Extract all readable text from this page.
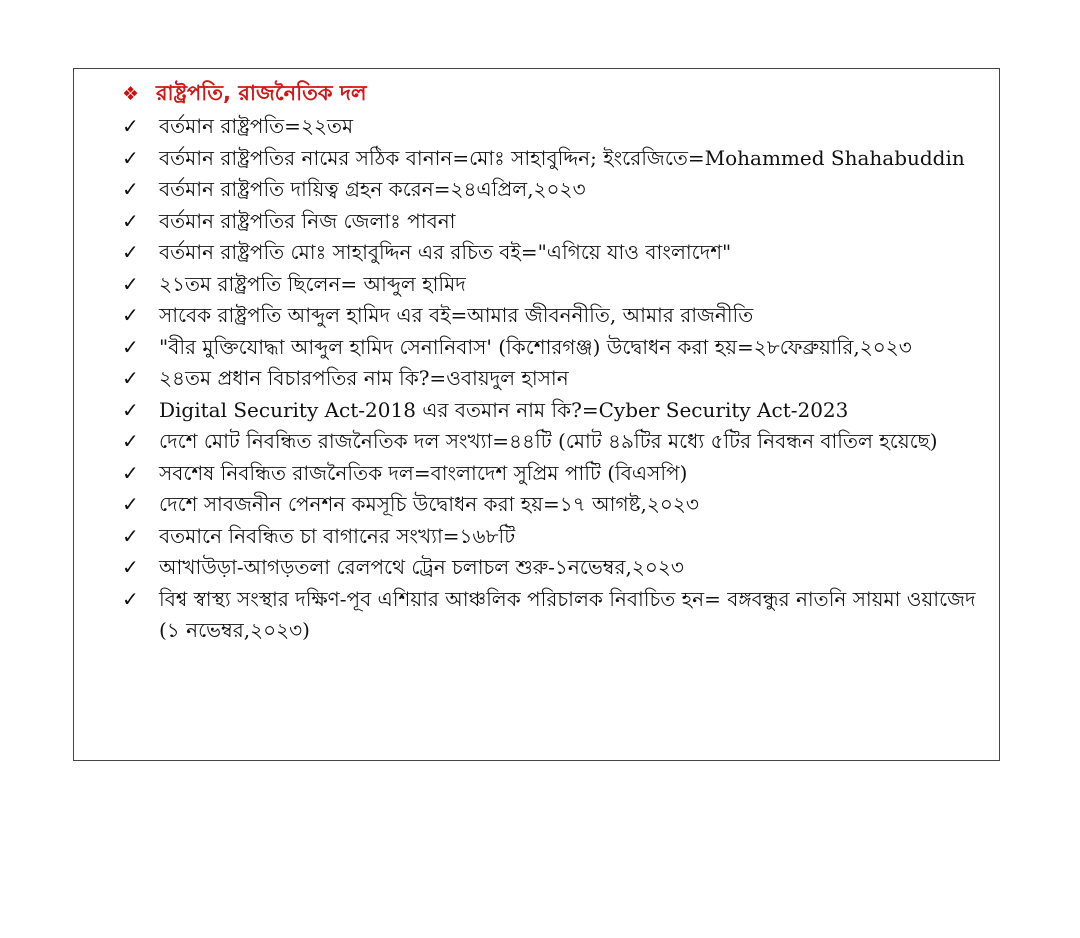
❖ রাষ্ট্রপতি, রাজনৈতিক দল
✓	বর্তমান রাষ্ট্রপতি=২২তম
✓	বর্তমান রাষ্ট্রপতির নামের সঠিক বানান=মোঃ সাহাবুদ্দিন; ইংরেজিতে=Mohammed Shahabuddin
✓	বর্তমান রাষ্ট্রপতি দায়িত্ব গ্রহন করেন=২৪এপ্রিল,২০২৩
✓	বর্তমান রাষ্ট্রপতির নিজ জেলাঃ পাবনা
✓	বর্তমান রাষ্ট্রপতি মোঃ সাহাবুদ্দিন এর রচিত বই="এগিয়ে যাও বাংলাদেশ"
✓	২১তম রাষ্ট্রপতি ছিলেন= আব্দুল হামিদ
✓	সাবেক রাষ্ট্রপতি আব্দুল হামিদ এর বই=আমার জীবননীতি, আমার রাজনীতি
✓	"বীর মুক্তিযোদ্ধা আব্দুল হামিদ সেনানিবাস' (কিশোরগঞ্জ) উদ্বোধন করা হয়=২৮ফেব্রুয়ারি,২০২৩
✓	২৪তম প্রধান বিচারপতির নাম কি?=ওবায়দুল হাসান
✓	Digital Security Act-2018 এর বতমান নাম কি?=Cyber Security Act-2023
✓	দেশে মোট নিবন্ধিত রাজনৈতিক দল সংখ্যা=৪৪টি (মোট ৪৯টির মধ্যে ৫টির নিবন্ধন বাতিল হয়েছে)
✓	সবশেষ নিবন্ধিত রাজনৈতিক দল=বাংলাদেশ সুপ্রিম পাটি (বিএসপি)
✓	দেশে সাবজনীন পেনশন কমসূচি উদ্বোধন করা হয়=১৭ আগষ্ট,২০২৩
✓	বতমানে নিবন্ধিত চা বাগানের সংখ্যা=১৬৮টি
✓	আখাউড়া-আগড়তলা রেলপথে ট্রেন চলাচল শুরু-১নভেম্বর,২০২৩
✓	বিশ্ব স্বাস্থ্য সংস্থার দক্ষিণ-পূব এশিয়ার আঞ্চলিক পরিচালক নিবাচিত হন= বঙ্গবন্ধুর নাতনি সায়মা ওয়াজেদ (১ নভেম্বর,২০২৩)
